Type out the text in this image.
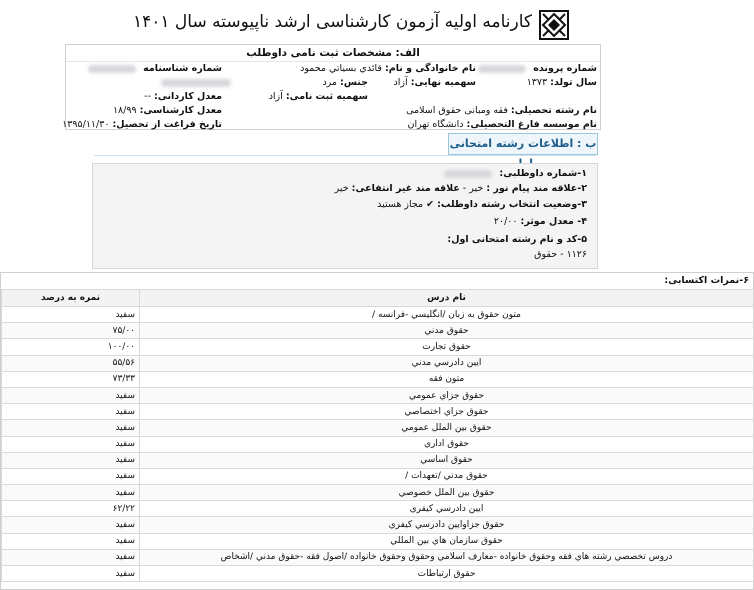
کارنامه اولیه آزمون کارشناسی ارشد ناپیوسته سال ۱۴۰۱
الف: مشخصات ثبت نامی داوطلب
شماره پرونده
نام خانوادگی و نام: قائدي بسیاتي محمود
شماره شناسنامه
سال تولد: ۱۳۷۳
سهمیه نهایی: آزاد
جنس: مرد
سهمیه ثبت نامی: آزاد
معدل کاردانی: --
نام رشته تحصیلی: فقه ومبانی حقوق اسلامی
معدل کارشناسی: ۱۸/۹۹
نام موسسه فارغ التحصیلی: دانشگاه تهران
تاریخ فراغت از تحصیل: ۱۳۹۵/۱۱/۳۰
ب : اطلاعات رشته امتحانی
۱-شماره داوطلبی:
۲-علاقه مند پیام نور : خیر - علاقه مند غیر انتفاعی: خیر
۳-وضعیت انتخاب رشته داوطلب: ✔ مجاز هستید
۴- معدل موثر: ۲۰/۰۰
۵-کد و نام رشته امتحانی اول:
۱۱۲۶ - حقوق
۶-نمرات اکتسابی:
نام درس	نمره به درصد
متون حقوق به زبان /انگلیسي -فرانسه /	سفيد
حقوق مدني	۷۵/۰۰
حقوق تجارت	۱۰۰/۰۰
ایین دادرسي مدني	۵۵/۵۶
متون فقه	۷۳/۳۳
حقوق جزاي عمومي	سفيد
حقوق جزاي اختصاصي	سفيد
حقوق بين الملل عمومي	سفيد
حقوق اداري	سفيد
حقوق اساسي	سفيد
حقوق مدني /تعهدات /	سفيد
حقوق بين الملل خصوصي	سفيد
ایین دادرسي كيفري	۶۲/۲۲
حقوق جزاوایین دادرسي كيفري	سفيد
حقوق سازمان هاي بين المللي	سفيد
دروس تخصصي رشته هاي فقه وحقوق خانواده -معارف اسلامي وحقوق وحقوق خانواده /اصول فقه -حقوق مدني /اشخاص	سفيد
حقوق ارتباطات	سفيد
